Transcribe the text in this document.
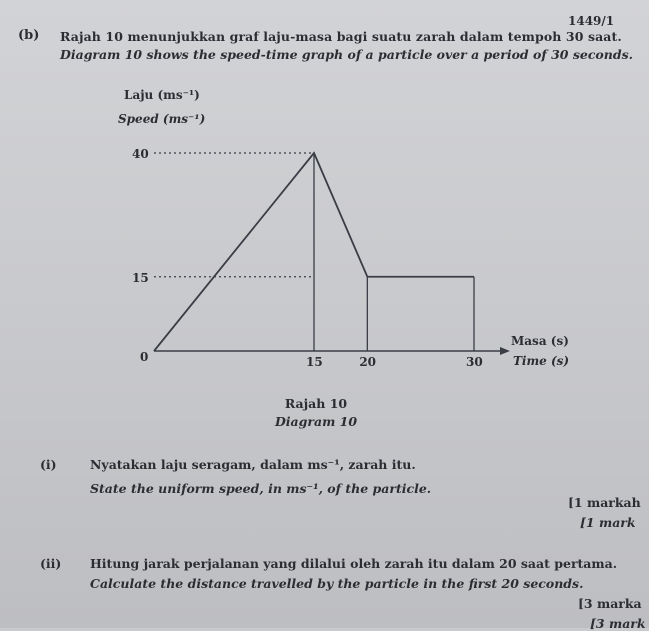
1449/1
(b) Rajah 10 menunjukkan graf laju-masa bagi suatu zarah dalam tempoh 30 saat.
Diagram 10 shows the speed-time graph of a particle over a period of 30 seconds.
Laju (ms⁻¹)
Speed (ms⁻¹)
Masa (s)
Time (s)
15
40
0	15	20	30
Rajah 10
Diagram 10
(i)	Nyatakan laju seragam, dalam ms⁻¹, zarah itu.
State the uniform speed, in ms⁻¹, of the particle.
[1 markah
[1 mark
(ii) Hitung jarak perjalanan yang dilalui oleh zarah itu dalam 20 saat pertama.
Calculate the distance travelled by the particle in the first 20 seconds.
[3 marka
[3 mark
